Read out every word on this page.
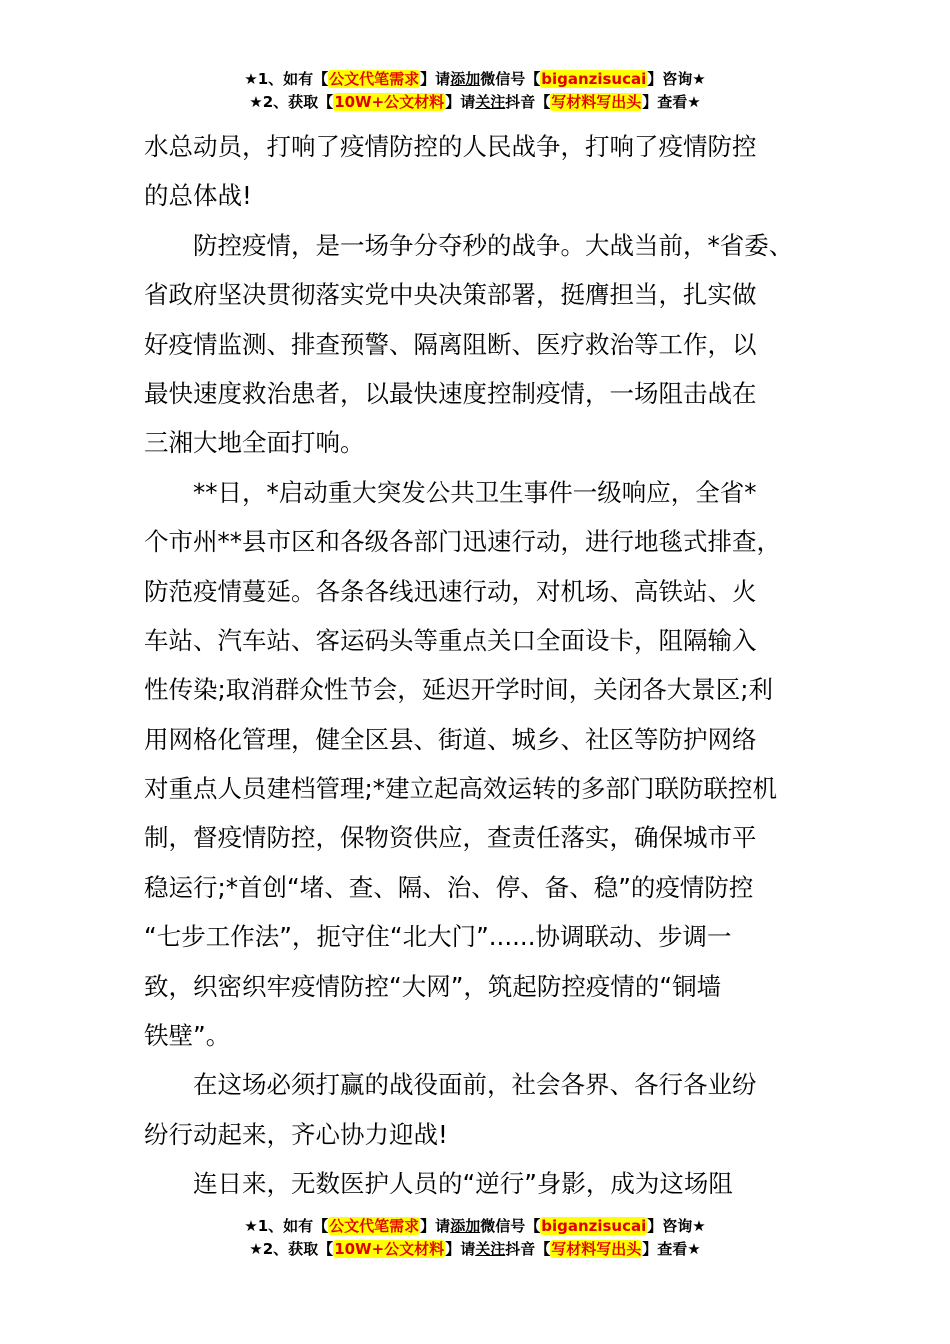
★1、如有【公文代笔需求】请添加微信号【biganzisucai】咨询★
★2、获取【10W+公文材料】请关注抖音【写材料写出头】查看★
水总动员，打响了疫情防控的人民战争，打响了疫情防控
的总体战!
防控疫情，是一场争分夺秒的战争。大战当前，*省委、
省政府坚决贯彻落实党中央决策部署，挺膺担当，扎实做
好疫情监测、排查预警、隔离阻断、医疗救治等工作，以
最快速度救治患者，以最快速度控制疫情，一场阻击战在
三湘大地全面打响。
**日，*启动重大突发公共卫生事件一级响应，全省*
个市州**县市区和各级各部门迅速行动，进行地毯式排查，
防范疫情蔓延。各条各线迅速行动，对机场、高铁站、火
车站、汽车站、客运码头等重点关口全面设卡，阻隔输入
性传染;取消群众性节会，延迟开学时间，关闭各大景区;利
用网格化管理，健全区县、街道、城乡、社区等防护网络
对重点人员建档管理;*建立起高效运转的多部门联防联控机
制，督疫情防控，保物资供应，查责任落实，确保城市平
稳运行;*首创“堵、查、隔、治、停、备、稳”的疫情防控
“七步工作法”，扼守住“北大门”......协调联动、步调一
致，织密织牢疫情防控“大网”，筑起防控疫情的“铜墙
铁壁”。
在这场必须打赢的战役面前，社会各界、各行各业纷
纷行动起来，齐心协力迎战!
连日来，无数医护人员的“逆行”身影，成为这场阻
★1、如有【公文代笔需求】请添加微信号【biganzisucai】咨询★
★2、获取【10W+公文材料】请关注抖音【写材料写出头】查看★
